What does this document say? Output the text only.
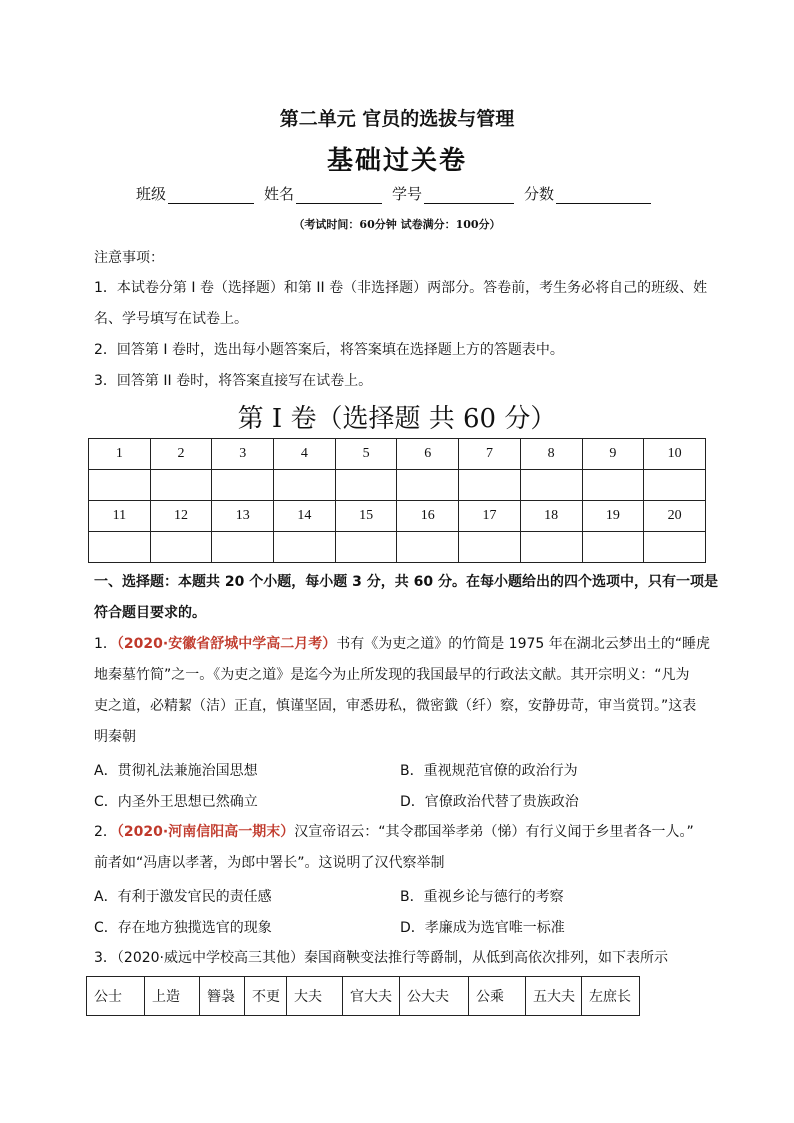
第二单元 官员的选拔与管理
基础过关卷
班级	姓名	学号	分数
（考试时间：60分钟 试卷满分：100分）
注意事项：
1．本试卷分第 I 卷（选择题）和第 II 卷（非选择题）两部分。答卷前，考生务必将自己的班级、姓
名、学号填写在试卷上。
2．回答第 I 卷时，选出每小题答案后，将答案填在选择题上方的答题表中。
3．回答第 II 卷时，将答案直接写在试卷上。
第 I 卷（选择题 共 60 分）
1	2	3	4	5	6	7	8	9	10

11	12	13	14	15	16	17	18	19	20

一、选择题：本题共 20 个小题，每小题 3 分，共 60 分。在每小题给出的四个选项中，只有一项是
符合题目要求的。
1．（2020·安徽省舒城中学高二月考）书有《为吏之道》的竹简是 1975 年在湖北云梦出土的“睡虎
地秦墓竹简”之一。《为吏之道》是迄今为止所发现的我国最早的行政法文献。其开宗明义：“凡为
吏之道，必精絜（洁）正直，慎谨坚固，审悉毋私，微密韱（纤）察，安静毋苛，审当赏罚。”这表
明秦朝
A．贯彻礼法兼施治国思想	B．重视规范官僚的政治行为
C．内圣外王思想已然确立	D．官僚政治代替了贵族政治
2．（2020·河南信阳高一期末）汉宣帝诏云：“其令郡国举孝弟（悌）有行义闻于乡里者各一人。”
前者如“冯唐以孝著，为郎中署长”。这说明了汉代察举制
A．有利于激发官民的责任感	B．重视乡论与德行的考察
C．存在地方独揽选官的现象	D．孝廉成为选官唯一标准
3．（2020·威远中学校高三其他）秦国商鞅变法推行等爵制，从低到高依次排列，如下表所示
公士	上造	簪袅	不更	大夫	官大夫	公大夫	公乘	五大夫	左庶长
